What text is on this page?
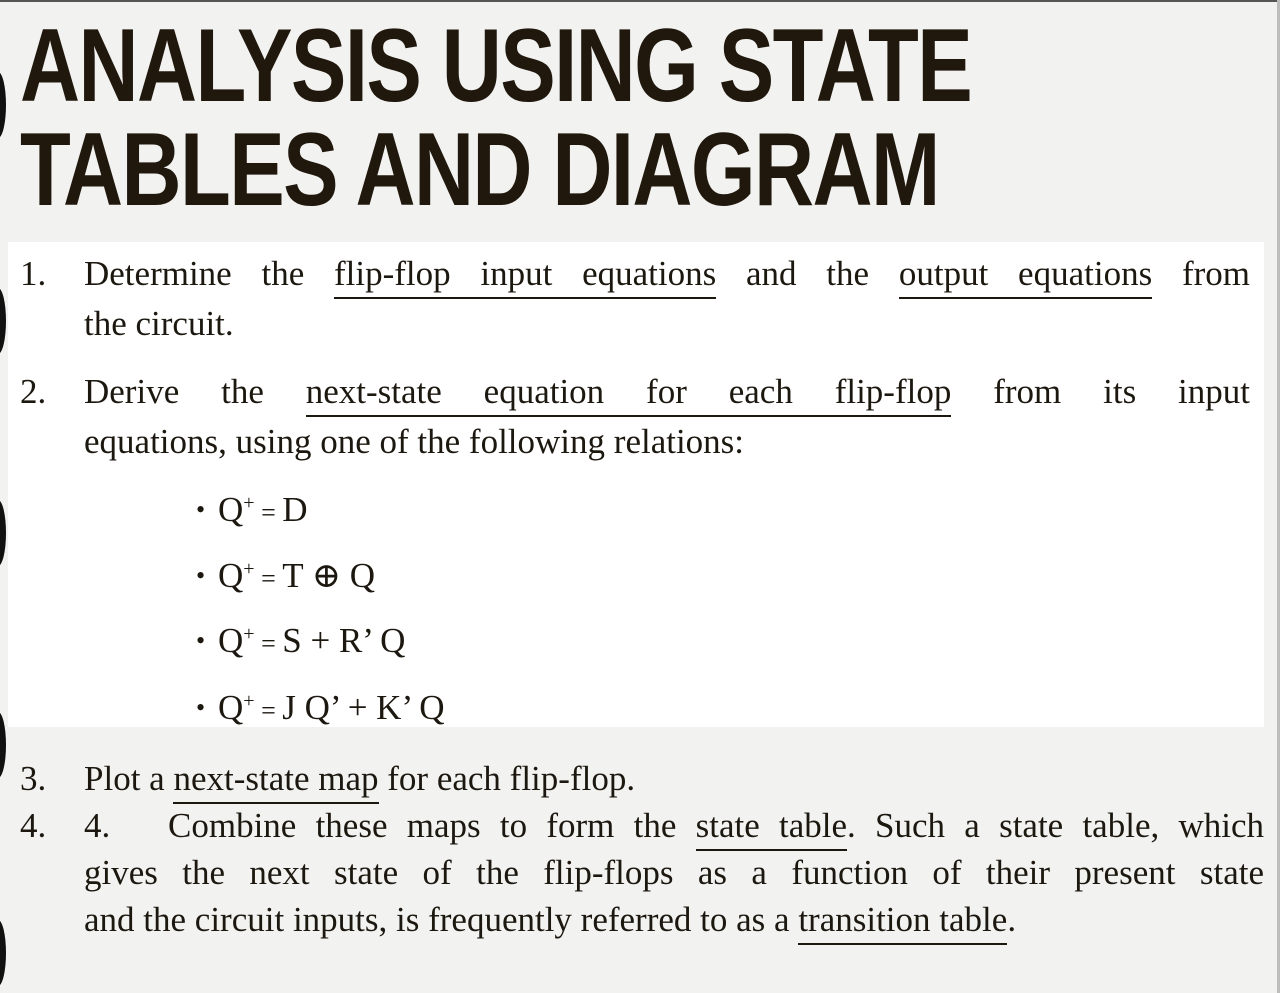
ANALYSIS USING STATE
TABLES AND DIAGRAM
1. Determine the flip-flop input equations and the output equations from
the circuit.
2. Derive the next-state equation for each flip-flop from its input
equations, using one of the following relations:
• Q+ = D
• Q+ = T ⊕ Q
• Q+ = S + R’ Q
• Q+ = J Q’ + K’ Q
3. Plot a next-state map for each flip-flop.
4. 4. Combine these maps to form the state table. Such a state table, which
gives the next state of the flip-flops as a function of their present state
and the circuit inputs, is frequently referred to as a transition table.
